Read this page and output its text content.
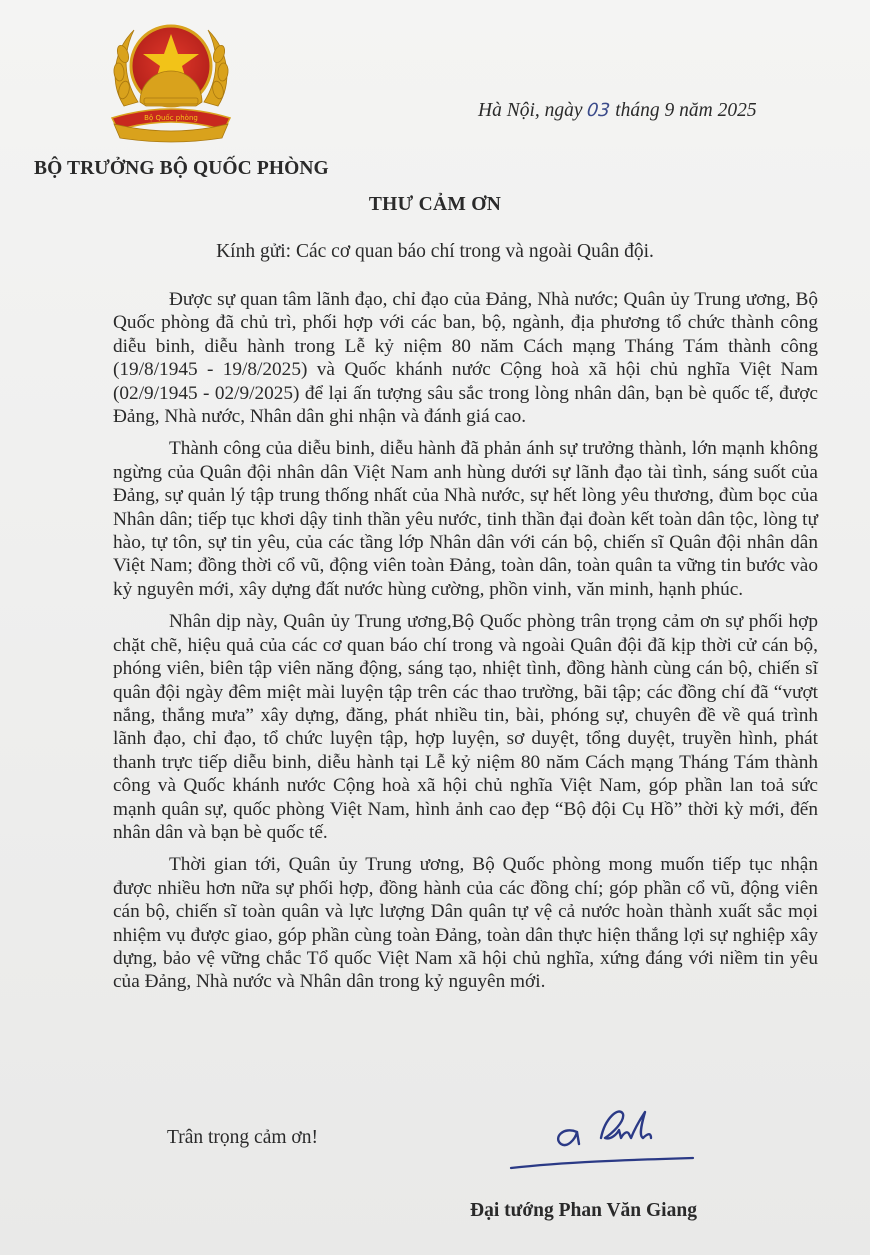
Bộ Quốc phòng	Hà Nội, ngày 03 tháng 9 năm 2025
BỘ TRƯỞNG BỘ QUỐC PHÒNG
THƯ CẢM ƠN
Kính gửi: Các cơ quan báo chí trong và ngoài Quân đội.

Được sự quan tâm lãnh đạo, chỉ đạo của Đảng, Nhà nước; Quân ủy Trung ương, Bộ Quốc phòng đã chủ trì, phối hợp với các ban, bộ, ngành, địa phương tổ chức thành công diễu binh, diễu hành trong Lễ kỷ niệm 80 năm Cách mạng Tháng Tám thành công (19/8/1945 - 19/8/2025) và Quốc khánh nước Cộng hoà xã hội chủ nghĩa Việt Nam (02/9/1945 - 02/9/2025) để lại ấn tượng sâu sắc trong lòng nhân dân, bạn bè quốc tế, được Đảng, Nhà nước, Nhân dân ghi nhận và đánh giá cao.

Thành công của diễu binh, diễu hành đã phản ánh sự trưởng thành, lớn mạnh không ngừng của Quân đội nhân dân Việt Nam anh hùng dưới sự lãnh đạo tài tình, sáng suốt của Đảng, sự quản lý tập trung thống nhất của Nhà nước, sự hết lòng yêu thương, đùm bọc của Nhân dân; tiếp tục khơi dậy tinh thần yêu nước, tinh thần đại đoàn kết toàn dân tộc, lòng tự hào, tự tôn, sự tin yêu, của các tầng lớp Nhân dân với cán bộ, chiến sĩ Quân đội nhân dân Việt Nam; đồng thời cổ vũ, động viên toàn Đảng, toàn dân, toàn quân ta vững tin bước vào kỷ nguyên mới, xây dựng đất nước hùng cường, phồn vinh, văn minh, hạnh phúc.

Nhân dịp này, Quân ủy Trung ương,Bộ Quốc phòng trân trọng cảm ơn sự phối hợp chặt chẽ, hiệu quả của các cơ quan báo chí trong và ngoài Quân đội đã kịp thời cử cán bộ, phóng viên, biên tập viên năng động, sáng tạo, nhiệt tình, đồng hành cùng cán bộ, chiến sĩ quân đội ngày đêm miệt mài luyện tập trên các thao trường, bãi tập; các đồng chí đã “vượt nắng, thắng mưa” xây dựng, đăng, phát nhiều tin, bài, phóng sự, chuyên đề về quá trình lãnh đạo, chỉ đạo, tổ chức luyện tập, hợp luyện, sơ duyệt, tổng duyệt, truyền hình, phát thanh trực tiếp diễu binh, diễu hành tại Lễ kỷ niệm 80 năm Cách mạng Tháng Tám thành công và Quốc khánh nước Cộng hoà xã hội chủ nghĩa Việt Nam, góp phần lan toả sức mạnh quân sự, quốc phòng Việt Nam, hình ảnh cao đẹp “Bộ đội Cụ Hồ” thời kỳ mới, đến nhân dân và bạn bè quốc tế.

Thời gian tới, Quân ủy Trung ương, Bộ Quốc phòng mong muốn tiếp tục nhận được nhiều hơn nữa sự phối hợp, đồng hành của các đồng chí; góp phần cổ vũ, động viên cán bộ, chiến sĩ toàn quân và lực lượng Dân quân tự vệ cả nước hoàn thành xuất sắc mọi nhiệm vụ được giao, góp phần cùng toàn Đảng, toàn dân thực hiện thắng lợi sự nghiệp xây dựng, bảo vệ vững chắc Tổ quốc Việt Nam xã hội chủ nghĩa, xứng đáng với niềm tin yêu của Đảng, Nhà nước và Nhân dân trong kỷ nguyên mới.

Trân trọng cảm ơn!
Đại tướng Phan Văn Giang
